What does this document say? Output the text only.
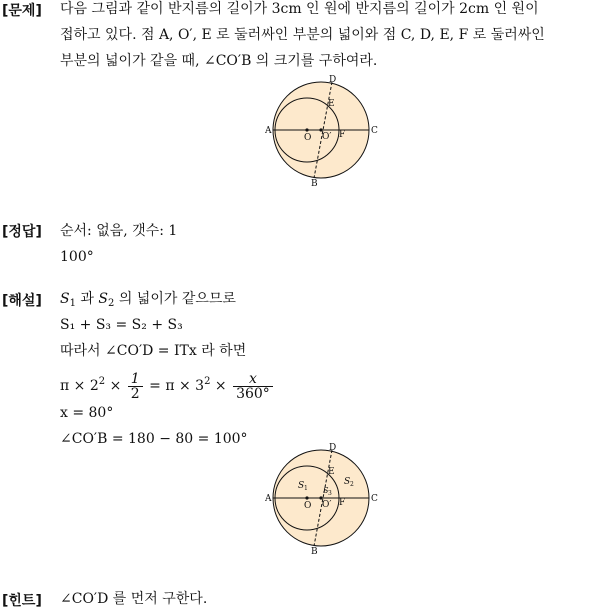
[문제] 다음 그림과 같이 반지름의 길이가 3cm 인 원에 반지름의 길이가 2cm 인 원이
접하고 있다. 점 A, O′, E 로 둘러싸인 부분의 넓이와 점 C, D, E, F 로 둘러싸인
부분의 넓이가 같을 때, ∠CO′B 의 크기를 구하여라.
D
E
A
O O′ F	C
B
[정답] 순서: 없음, 갯수: 1
100°
[해설] $S_1$ 과 $S_2$ 의 넓이가 같으므로
S₁ + S₃ = S₂ + S₃
따라서 ∠CO′D = ITx 라 하면
$\pi \times 2^2 \times \frac{1}{2} = \pi \times 3^2 \times \frac{x}{360^\circ}$
x = 80°
∠CO′B = 180 − 80 = 100°
D
E
S 1
S 2
S 3
A
O O′ F	C
B
[힌트] ∠CO′D 를 먼저 구한다.
